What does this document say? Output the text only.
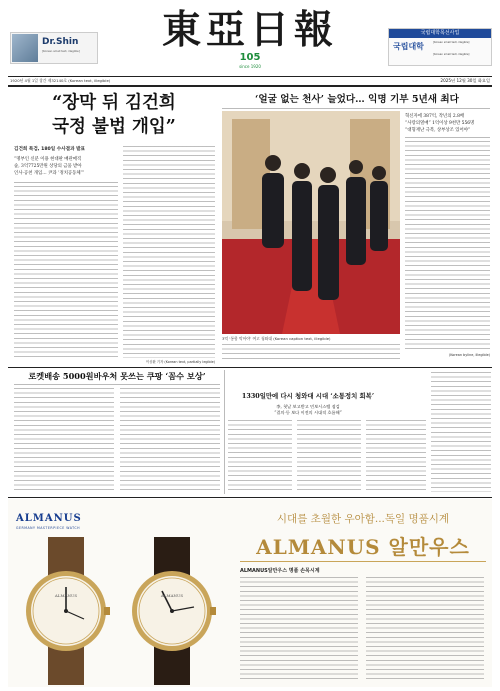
Dr.Shin
[Korean small text, illegible]	東亞日報
105
since 1920
국립대학목선사업
국립대학	[Korean small text, illegible]
[Korean small text, illegible]
1920년 4월 1일 창간 제32140호 (Korean text, illegible)	2025년 12월 30일 화요일
“장막 뒤 김건희
국정 불법 개입”
김건희 특검, 180일 수사결과 발표
“명부인 신분 이용 현대판 매관매직
숲, 3억7725만원 상당의 금품 받아
인사·공천 개입… 尹과 ‘정치공동체’”
이상환 기자 (Korean text, partially legible)
‘얼굴 없는 천사’ 늘었다… 익명 기부 5년새 최다
3억 ‘통합 막아야’ 여고 청와대 (Korean caption text, illegible)
혁신자에 387억, 작년의 2.8배
“사랑의열매” 1억이상 9천만 556명
“대형재난 극복, 상부상조 있어야”
(Korean byline, illegible)
로켓배송 5000원바우처 못쓰는 쿠팡 ‘꼼수 보상’
1330일만에 다시 청와대 시대 ‘소통정치 회복’
李, 첫날 보고받고 민보시스템 점검
“결의·등 보다 이전의 시대적 흐름해”
ALMANUS
GERMANY MASTERPIECE WATCH
ALMANUS	ALMANUS
시대를 초월한 우아함...독일 명품시계
ALMANUS 알만우스
ALMANUS알만우스 명품 손목시계
